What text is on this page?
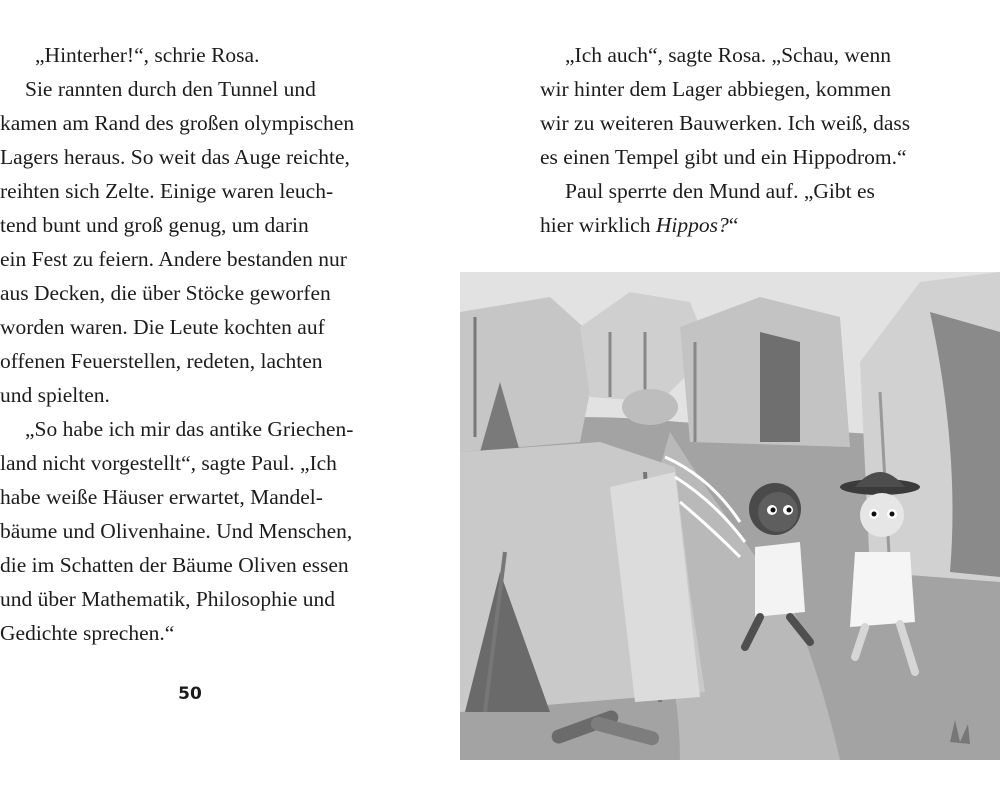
„Hinterher!“, schrie Rosa.

Sie rannten durch den Tunnel und

kamen am Rand des großen olympischen

Lagers heraus. So weit das Auge reichte,

reihten sich Zelte. Einige waren leuch-

tend bunt und groß genug, um darin

ein Fest zu feiern. Andere bestanden nur

aus Decken, die über Stöcke geworfen

worden waren. Die Leute kochten auf

offenen Feuerstellen, redeten, lachten

und spielten.

„So habe ich mir das antike Griechen-

land nicht vorgestellt“, sagte Paul. „Ich

habe weiße Häuser erwartet, Mandel-

bäume und Olivenhaine. Und Menschen,

die im Schatten der Bäume Oliven essen

und über Mathematik, Philosophie und

Gedichte sprechen.“

50

„Ich auch“, sagte Rosa. „Schau, wenn

wir hinter dem Lager abbiegen, kommen

wir zu weiteren Bauwerken. Ich weiß, dass

es einen Tempel gibt und ein Hippodrom.“

Paul sperrte den Mund auf. „Gibt es

hier wirklich Hippos?“
